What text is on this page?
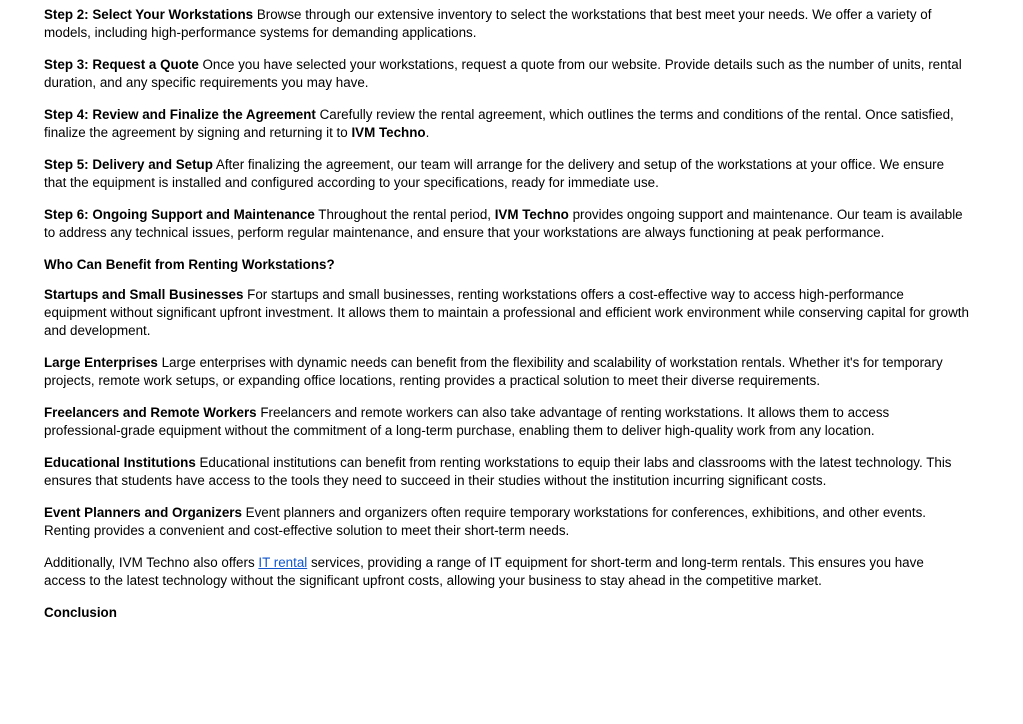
Step 2: Select Your Workstations Browse through our extensive inventory to select the workstations that best meet your needs. We offer a variety of models, including high-performance systems for demanding applications.

Step 3: Request a Quote Once you have selected your workstations, request a quote from our website. Provide details such as the number of units, rental duration, and any specific requirements you may have.

Step 4: Review and Finalize the Agreement Carefully review the rental agreement, which outlines the terms and conditions of the rental. Once satisfied, finalize the agreement by signing and returning it to IVM Techno.

Step 5: Delivery and Setup After finalizing the agreement, our team will arrange for the delivery and setup of the workstations at your office. We ensure that the equipment is installed and configured according to your specifications, ready for immediate use.

Step 6: Ongoing Support and Maintenance Throughout the rental period, IVM Techno provides ongoing support and maintenance. Our team is available to address any technical issues, perform regular maintenance, and ensure that your workstations are always functioning at peak performance.

Who Can Benefit from Renting Workstations?

Startups and Small Businesses For startups and small businesses, renting workstations offers a cost-effective way to access high-performance equipment without significant upfront investment. It allows them to maintain a professional and efficient work environment while conserving capital for growth and development.

Large Enterprises Large enterprises with dynamic needs can benefit from the flexibility and scalability of workstation rentals. Whether it's for temporary projects, remote work setups, or expanding office locations, renting provides a practical solution to meet their diverse requirements.

Freelancers and Remote Workers Freelancers and remote workers can also take advantage of renting workstations. It allows them to access professional-grade equipment without the commitment of a long-term purchase, enabling them to deliver high-quality work from any location.

Educational Institutions Educational institutions can benefit from renting workstations to equip their labs and classrooms with the latest technology. This ensures that students have access to the tools they need to succeed in their studies without the institution incurring significant costs.

Event Planners and Organizers Event planners and organizers often require temporary workstations for conferences, exhibitions, and other events. Renting provides a convenient and cost-effective solution to meet their short-term needs.

Additionally, IVM Techno also offers IT rental services, providing a range of IT equipment for short-term and long-term rentals. This ensures you have access to the latest technology without the significant upfront costs, allowing your business to stay ahead in the competitive market.

Conclusion
